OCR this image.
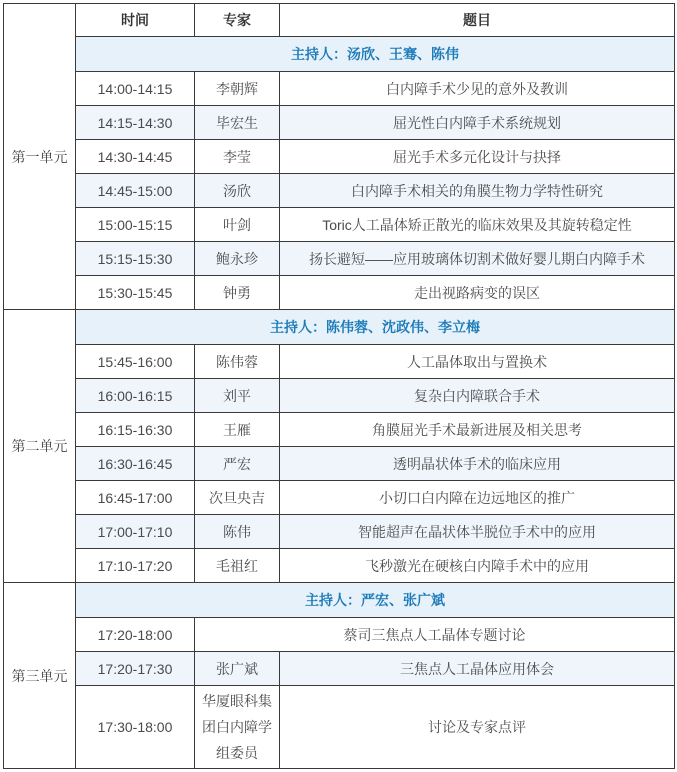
第一单元	时间	专家	题目
	主持人：汤欣、王骞、陈伟		
	14:00-14:15	李朝辉	白内障手术少见的意外及教训
	14:15-14:30	毕宏生	屈光性白内障手术系统规划
	14:30-14:45	李莹	屈光手术多元化设计与抉择
	14:45-15:00	汤欣	白内障手术相关的角膜生物力学特性研究
	15:00-15:15	叶剑	Toric人工晶体矫正散光的临床效果及其旋转稳定性
	15:15-15:30	鲍永珍	扬长避短——应用玻璃体切割术做好婴儿期白内障手术
	15:30-15:45	钟勇	走出视路病变的误区
第二单元	主持人：陈伟蓉、沈政伟、李立梅		
	15:45-16:00	陈伟蓉	人工晶体取出与置换术
	16:00-16:15	刘平	复杂白内障联合手术
	16:15-16:30	王雁	角膜屈光手术最新进展及相关思考
	16:30-16:45	严宏	透明晶状体手术的临床应用
	16:45-17:00	次旦央吉	小切口白内障在边远地区的推广
	17:00-17:10	陈伟	智能超声在晶状体半脱位手术中的应用
	17:10-17:20	毛祖红	飞秒激光在硬核白内障手术中的应用
第三单元	主持人：严宏、张广斌		
	17:20-18:00	蔡司三焦点人工晶体专题讨论	
	17:20-17:30	张广斌	三焦点人工晶体应用体会
	17:30-18:00	华厦眼科集团白内障学组委员	讨论及专家点评
